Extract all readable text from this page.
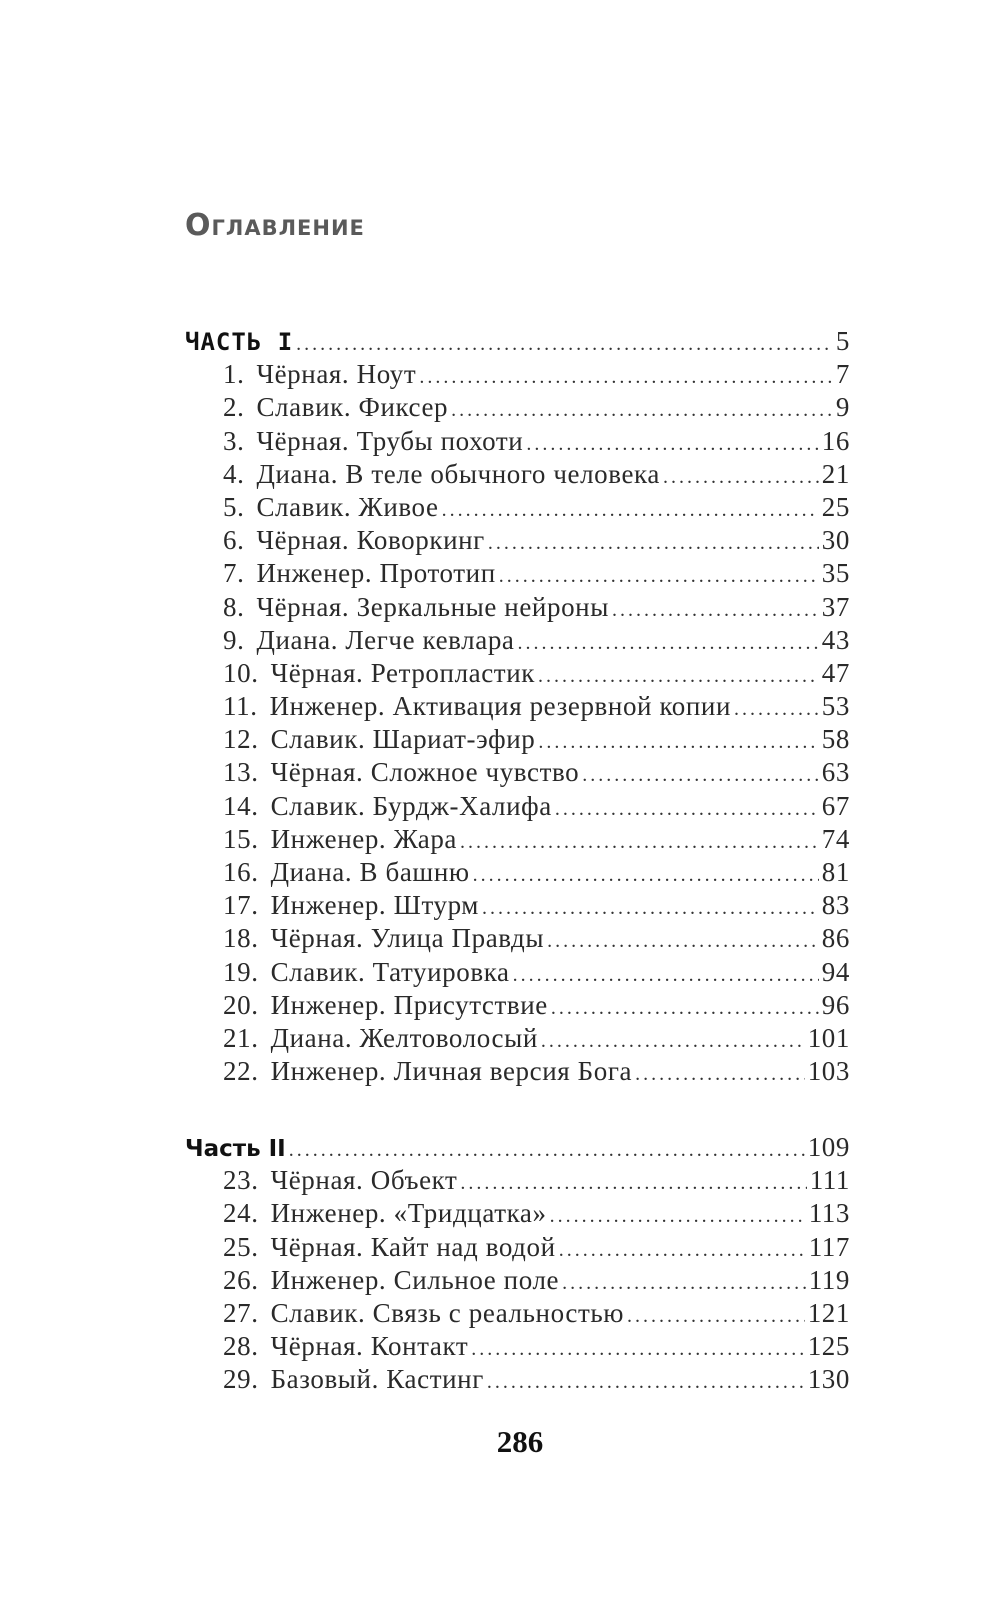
Оглавление
ЧАСТЬ I .....	5
1. Чёрная. Ноут .....	7
2. Славик. Фиксер .....	9
3. Чёрная. Трубы похоти .....	16
4. Диана. В теле обычного человека .....	21
5. Славик. Живое .....	25
6. Чёрная. Коворкинг .....	30
7. Инженер. Прототип .....	35
8. Чёрная. Зеркальные нейроны .....	37
9. Диана. Легче кевлара .....	43
10. Чёрная. Ретропластик .....	47
11. Инженер. Активация резервной копии .....	53
12. Славик. Шариат-эфир .....	58
13. Чёрная. Сложное чувство .....	63
14. Славик. Бурдж-Халифа .....	67
15. Инженер. Жара .....	74
16. Диана. В башню .....	81
17. Инженер. Штурм .....	83
18. Чёрная. Улица Правды .....	86
19. Славик. Татуировка .....	94
20. Инженер. Присутствие .....	96
21. Диана. Желтоволосый .....	101
22. Инженер. Личная версия Бога .....	103
Часть II .....	109
23. Чёрная. Объект .....	111
24. Инженер. «Тридцатка» .....	113
25. Чёрная. Кайт над водой .....	117
26. Инженер. Сильное поле .....	119
27. Славик. Связь с реальностью .....	121
28. Чёрная. Контакт .....	125
29. Базовый. Кастинг .....	130
286
